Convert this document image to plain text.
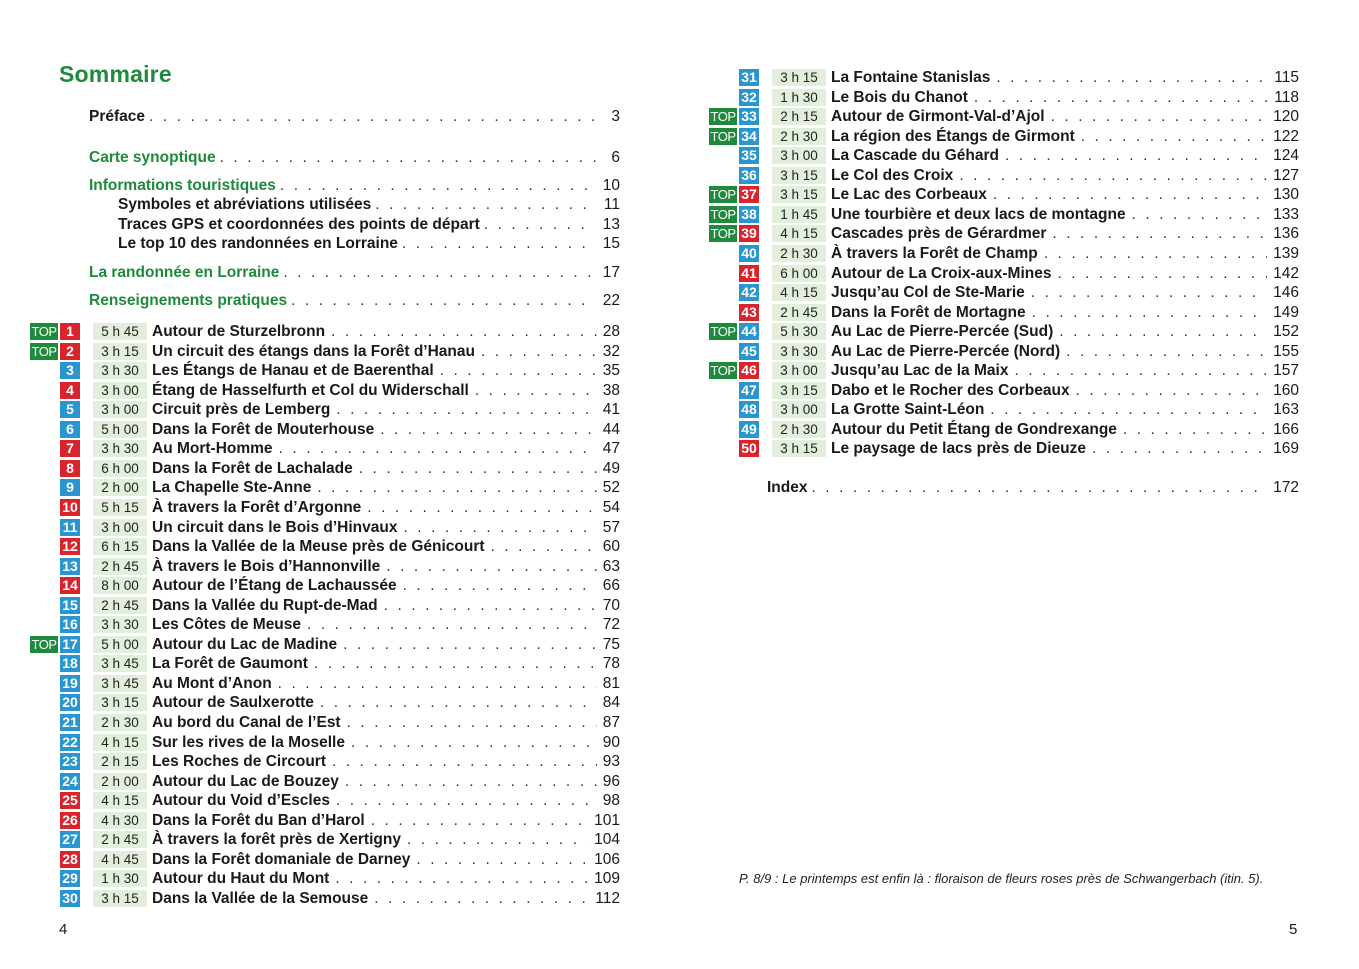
Sommaire
Préface . . .	3
Carte synoptique . . .	6
Informations touristiques . . .	10
Symboles et abréviations utilisées . . .	11
Traces GPS et coordonnées des points de départ . . .	13
Le top 10 des randonnées en Lorraine . . .	15
La randonnée en Lorraine . . .	17
Renseignements pratiques . . .	22
TOP 1	5 h 45 Autour de Sturzelbronn . . .	28
TOP 2	3 h 15 Un circuit des étangs dans la Forêt d’Hanau . . .	32
3	3 h 30 Les Étangs de Hanau et de Baerenthal . . .	35
4	3 h 00 Étang de Hasselfurth et Col du Widerschall . . .	38
5	3 h 00 Circuit près de Lemberg . . .	41
6	5 h 00 Dans la Forêt de Mouterhouse . . .	44
7	3 h 30 Au Mort-Homme . . .	47
8	6 h 00 Dans la Forêt de Lachalade . . .	49
9	2 h 00 La Chapelle Ste-Anne . . .	52
10	5 h 15 À travers la Forêt d’Argonne . . .	54
11	3 h 00 Un circuit dans le Bois d’Hinvaux . . .	57
12	6 h 15 Dans la Vallée de la Meuse près de Génicourt . . .	60
13	2 h 45 À travers le Bois d’Hannonville . . .	63
14	8 h 00 Autour de l’Étang de Lachaussée . . .	66
15	2 h 45 Dans la Vallée du Rupt-de-Mad . . .	70
16	3 h 30 Les Côtes de Meuse . . .	72
TOP 17	5 h 00 Autour du Lac de Madine . . .	75
18	3 h 45 La Forêt de Gaumont . . .	78
19	3 h 45 Au Mont d’Anon . . .	81
20	3 h 15 Autour de Saulxerotte . . .	84
21	2 h 30 Au bord du Canal de l’Est . . .	87
22	4 h 15 Sur les rives de la Moselle . . .	90
23	2 h 15 Les Roches de Circourt . . .	93
24	2 h 00 Autour du Lac de Bouzey . . .	96
25	4 h 15 Autour du Void d’Escles . . .	98
26	4 h 30 Dans la Forêt du Ban d’Harol . . .	101
27	2 h 45 À travers la forêt près de Xertigny . . .	104
28	4 h 45 Dans la Forêt domaniale de Darney . . .	106
29	1 h 30 Autour du Haut du Mont . . .	109
30	3 h 15 Dans la Vallée de la Semouse . . .	112
4
31	3 h 15 La Fontaine Stanislas . . .	115
32	1 h 30 Le Bois du Chanot . . .	118
TOP 33	2 h 15 Autour de Girmont-Val-d’Ajol . . .	120
TOP 34	2 h 30 La région des Étangs de Girmont . . .	122
35	3 h 00 La Cascade du Géhard . . .	124
36	3 h 15 Le Col des Croix . . .	127
TOP 37	3 h 15 Le Lac des Corbeaux . . .	130
TOP 38	1 h 45 Une tourbière et deux lacs de montagne . . .	133
TOP 39	4 h 15 Cascades près de Gérardmer . . .	136
40	2 h 30 À travers la Forêt de Champ . . .	139
41	6 h 00 Autour de La Croix-aux-Mines . . .	142
42	4 h 15 Jusqu’au Col de Ste-Marie . . .	146
43	2 h 45 Dans la Forêt de Mortagne . . .	149
TOP 44	5 h 30 Au Lac de Pierre-Percée (Sud) . . .	152
45	3 h 30 Au Lac de Pierre-Percée (Nord) . . .	155
TOP 46	3 h 00 Jusqu’au Lac de la Maix . . .	157
47	3 h 15 Dabo et le Rocher des Corbeaux . . .	160
48	3 h 00 La Grotte Saint-Léon . . .	163
49	2 h 30 Autour du Petit Étang de Gondrexange . . .	166
50	3 h 15 Le paysage de lacs près de Dieuze . . .	169
Index . . .	172
P. 8/9 : Le printemps est enfin là : floraison de fleurs roses près de Schwangerbach (itin. 5).
5
